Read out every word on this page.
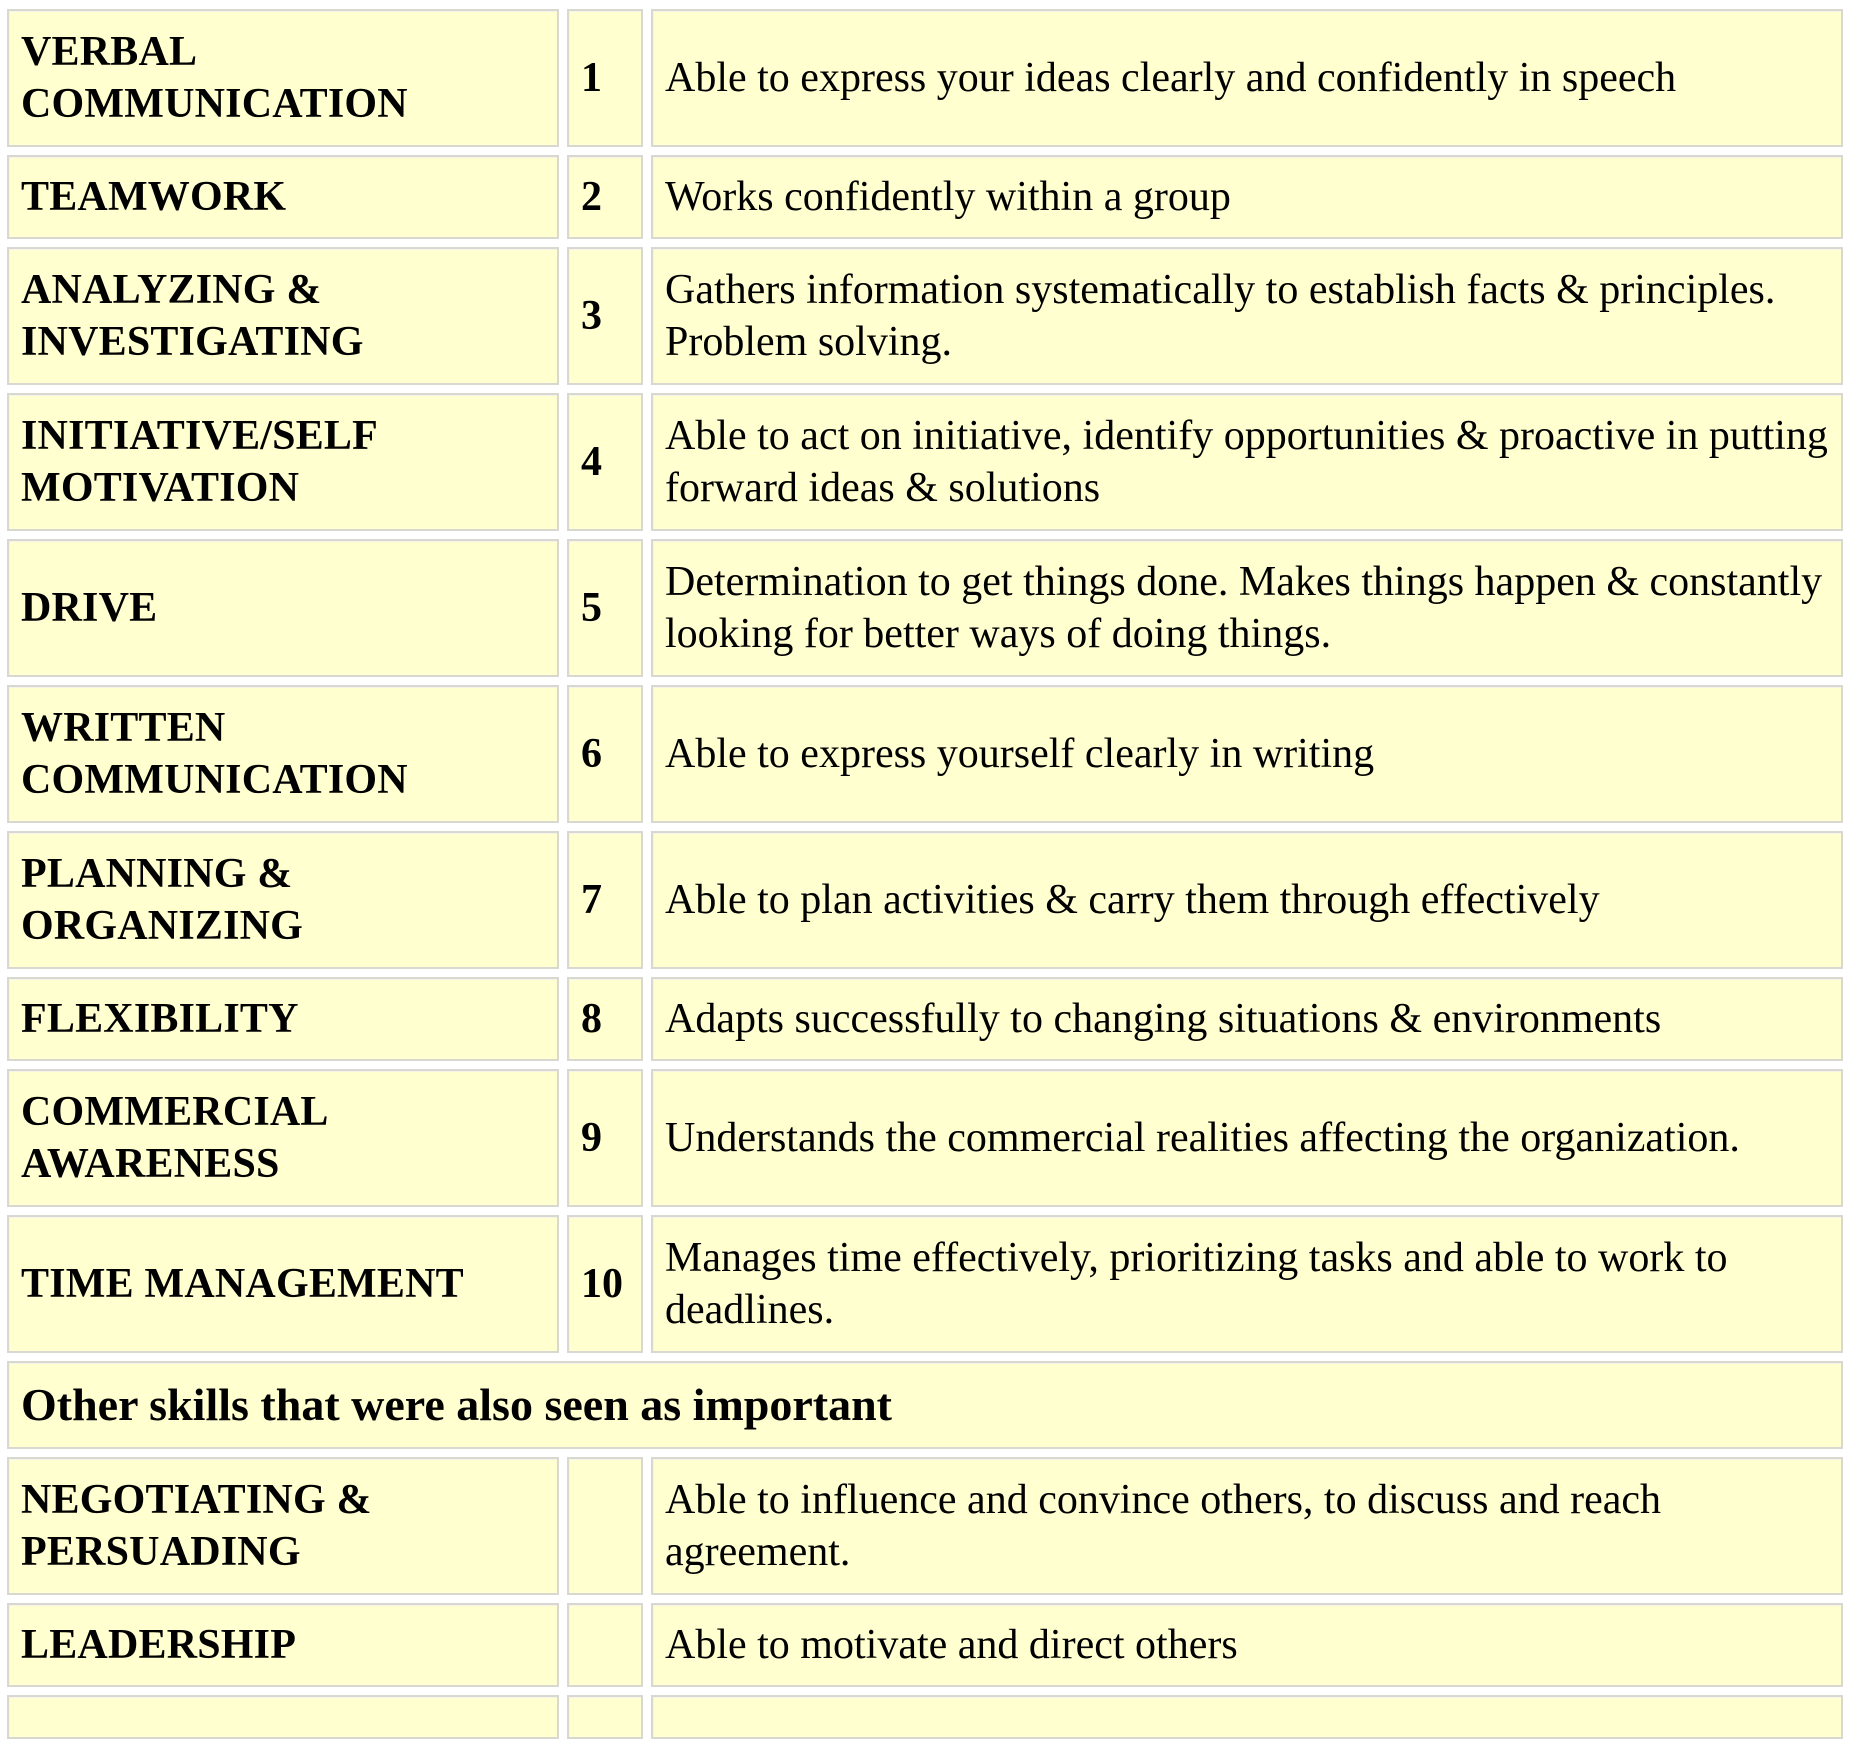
VERBAL COMMUNICATION	1	Able to express your ideas clearly and confidently in speech
TEAMWORK	2	Works confidently within a group
ANALYZING & INVESTIGATING	3	Gathers information systematically to establish facts & principles. Problem solving.
INITIATIVE/SELF MOTIVATION	4	Able to act on initiative, identify opportunities & proactive in putting forward ideas & solutions
DRIVE	5	Determination to get things done. Makes things happen & constantly looking for better ways of doing things.
WRITTEN COMMUNICATION	6	Able to express yourself clearly in writing
PLANNING & ORGANIZING	7	Able to plan activities & carry them through effectively
FLEXIBILITY	8	Adapts successfully to changing situations & environments
COMMERCIAL AWARENESS	9	Understands the commercial realities affecting the organization.
TIME MANAGEMENT	10	Manages time effectively, prioritizing tasks and able to work to deadlines.
Other skills that were also seen as important		
NEGOTIATING & PERSUADING		Able to influence and convince others, to discuss and reach agreement.
LEADERSHIP		Able to motivate and direct others
